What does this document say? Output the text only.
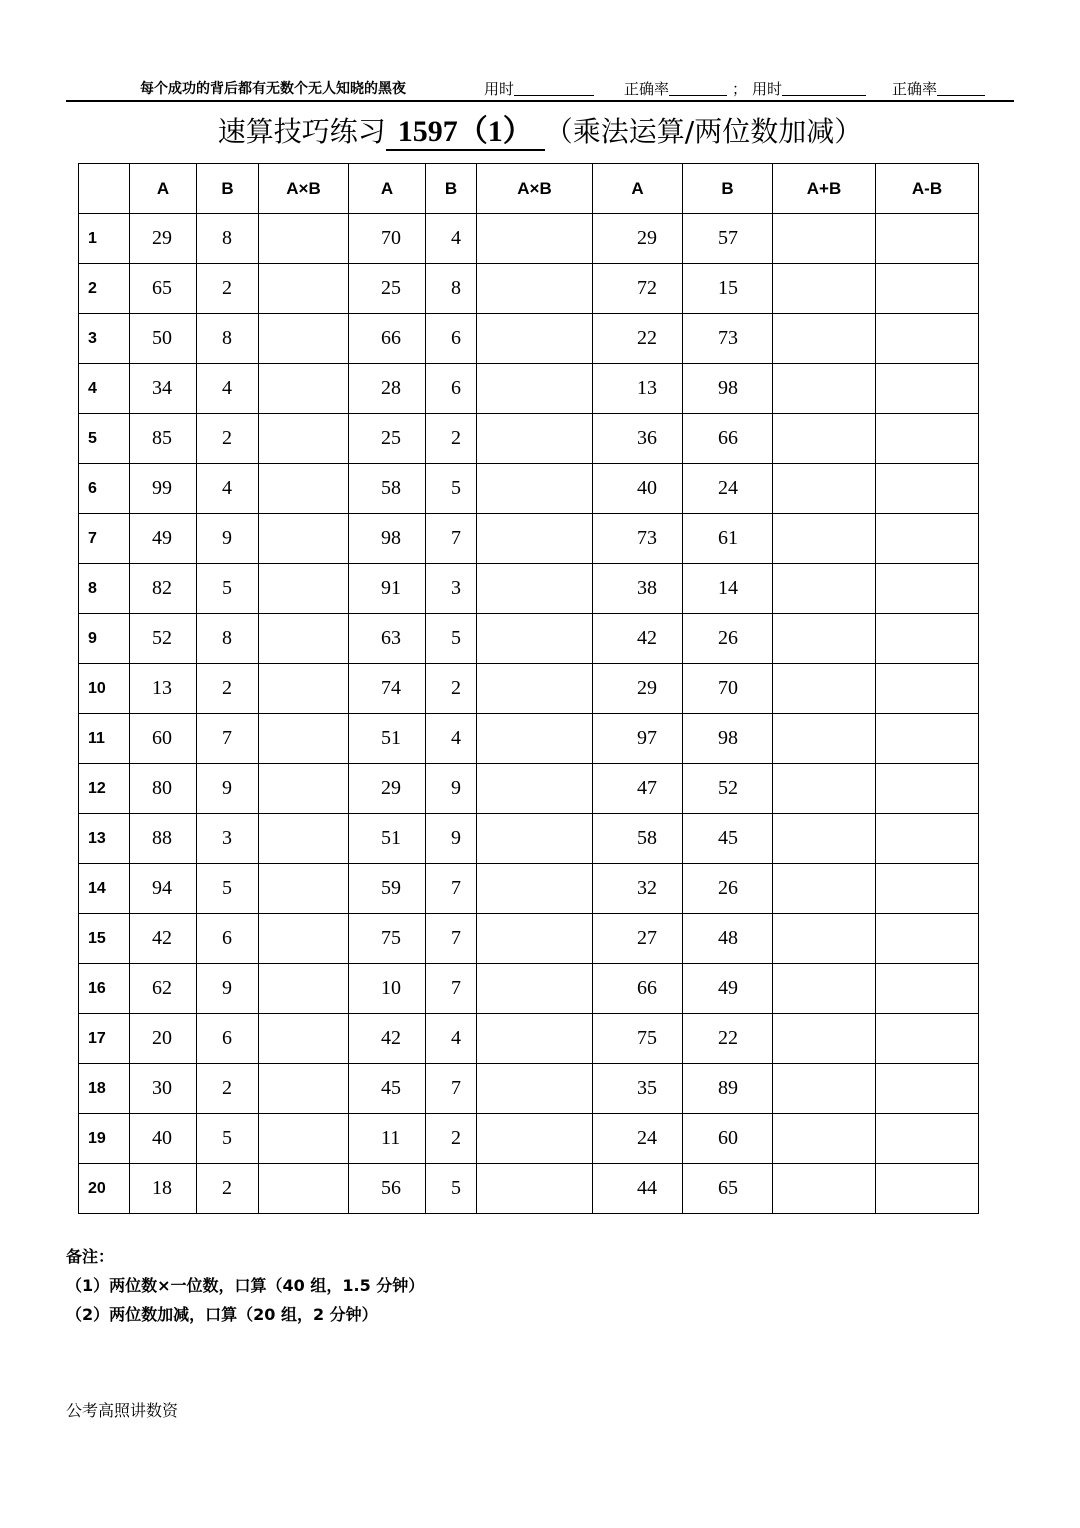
每个成功的背后都有无数个无人知晓的黑夜	用时	正确率	； 用时	正确率
速算技巧练习 1597（1） （乘法运算/两位数加减）
	A	B	A×B	A	B	A×B	A	B	A+B	A-B
1	29	8		70	4		29	57		
2	65	2		25	8		72	15		
3	50	8		66	6		22	73		
4	34	4		28	6		13	98		
5	85	2		25	2		36	66		
6	99	4		58	5		40	24		
7	49	9		98	7		73	61		
8	82	5		91	3		38	14		
9	52	8		63	5		42	26		
10	13	2		74	2		29	70		
11	60	7		51	4		97	98		
12	80	9		29	9		47	52		
13	88	3		51	9		58	45		
14	94	5		59	7		32	26		
15	42	6		75	7		27	48		
16	62	9		10	7		66	49		
17	20	6		42	4		75	22		
18	30	2		45	7		35	89		
19	40	5		11	2		24	60		
20	18	2		56	5		44	65		
备注：
（1）两位数×一位数，口算（40 组，1.5 分钟）
（2）两位数加减，口算（20 组，2 分钟）
公考高照讲数资
